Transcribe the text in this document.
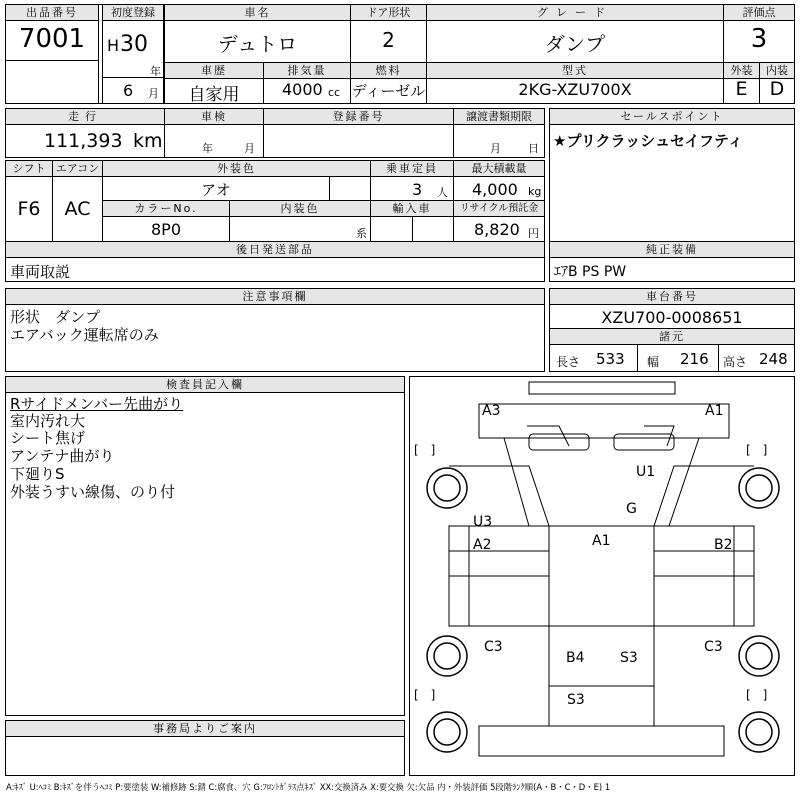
出品番号
7001
初度登録
H 30
年
6 月
車名
デュトロ
ドア形状
2
グレード
ダンプ
評価点
3
車歴	排気量	燃料	型式	外装	内装
自家用	4000 cc ディーゼル	2KG-XZU700X	E	D
走行
111,393 km
車検
年	月
登録番号	譲渡書類期限
月 日
セールスポイント
★プリクラッシュセイフティ
シフト
F6
エアコン
AC
外装色
アオ
乗車定員
3 人
最大積載量
4,000 kg
カラーNo.
8P0
内装色
系
輸入車	リサイクル預託金
8,820 円
後日発送部品
車両取説
純正装備
ｴｱB PS PW
注意事項欄
形状　ダンプ
エアバック運転席のみ
車台番号
XZU700-0008651
諸元
長さ 533 幅 216 高さ 248
検査員記入欄
Rサイドメンバー先曲がり
室内汚れ大
シート焦げ
アンテナ曲がり
下廻りS
外装うすい線傷、のり付
事務局よりご案内
A3	A1
U1
G
U3
A2	A1	B2
C3	C3
B4	S3
S3
[　]	[　]
[　]	[　]
A:ｷｽﾞ U:ﾍｺﾐ B:ｷｽﾞを伴うﾍｺﾐ P:要塗装 W:補修跡 S:錆 C:腐食、穴 G:ﾌﾛﾝﾄｶﾞﾗｽ点ｷｽﾞ XX:交換済み X:要交換 欠:欠品 内・外装評価 5段階ﾗﾝｸ順(A・B・C・D・E) 1
